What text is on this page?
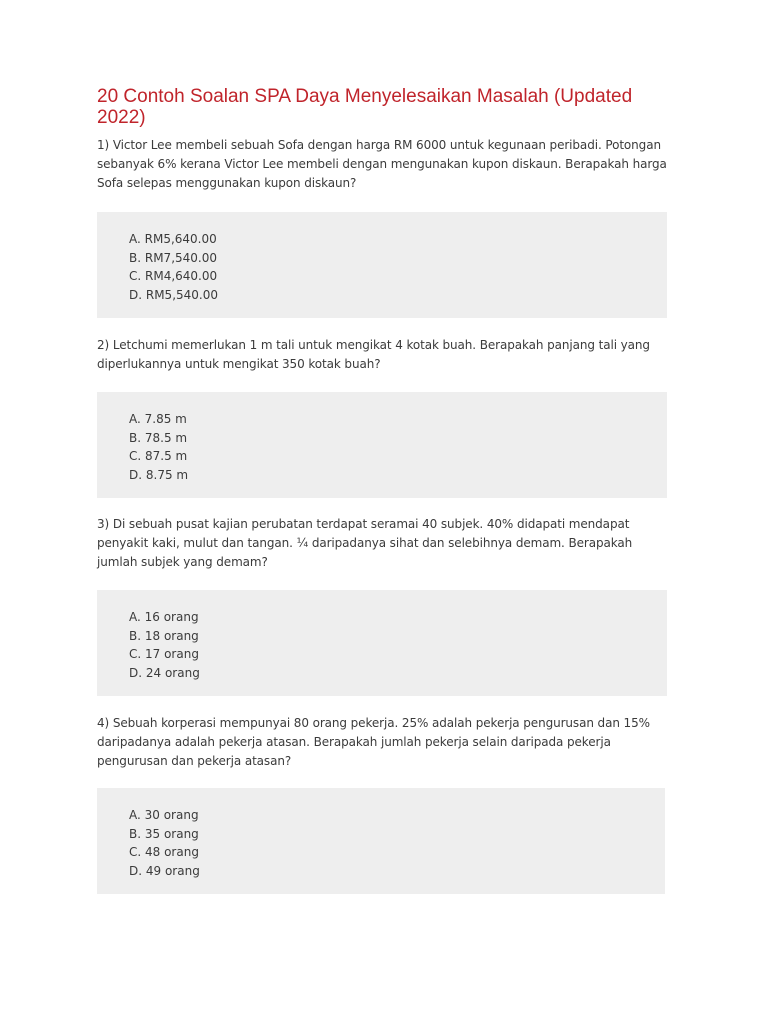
20 Contoh Soalan SPA Daya Menyelesaikan Masalah (Updated 2022)

1) Victor Lee membeli sebuah Sofa dengan harga RM 6000 untuk kegunaan peribadi. Potongan sebanyak 6% kerana Victor Lee membeli dengan mengunakan kupon diskaun. Berapakah harga Sofa selepas menggunakan kupon diskaun?

A. RM5,640.00
B. RM7,540.00
C. RM4,640.00
D. RM5,540.00

2) Letchumi memerlukan 1 m tali untuk mengikat 4 kotak buah. Berapakah panjang tali yang diperlukannya untuk mengikat 350 kotak buah?

A. 7.85 m
B. 78.5 m
C. 87.5 m
D. 8.75 m

3) Di sebuah pusat kajian perubatan terdapat seramai 40 subjek. 40% didapati mendapat penyakit kaki, mulut dan tangan. ¼ daripadanya sihat dan selebihnya demam. Berapakah jumlah subjek yang demam?

A. 16 orang
B. 18 orang
C. 17 orang
D. 24 orang

4) Sebuah korperasi mempunyai 80 orang pekerja. 25% adalah pekerja pengurusan dan 15% daripadanya adalah pekerja atasan. Berapakah jumlah pekerja selain daripada pekerja pengurusan dan pekerja atasan?

A. 30 orang
B. 35 orang
C. 48 orang
D. 49 orang
